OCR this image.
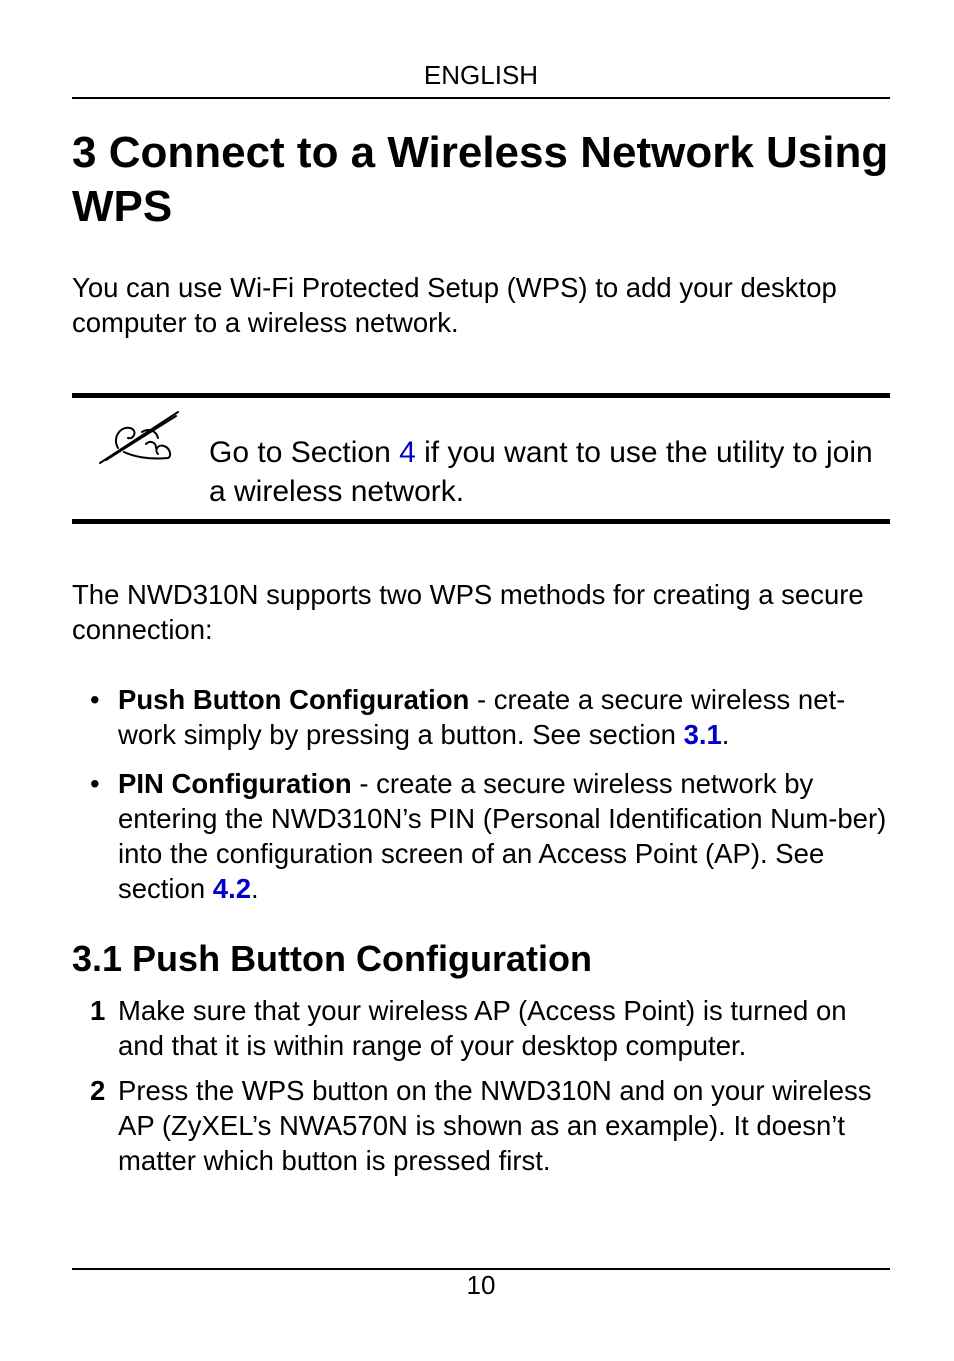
ENGLISH
3 Connect to a Wireless Network Using WPS
You can use Wi-Fi Protected Setup (WPS) to add your desktop computer to a wireless network.
Go to Section 4 if you want to use the utility to join a wireless network.
The NWD310N supports two WPS methods for creating a secure connection:
• Push Button Configuration - create a secure wireless net-work simply by pressing a button. See section 3.1.
• PIN Configuration - create a secure wireless network by entering the NWD310N’s PIN (Personal Identification Num-ber) into the configuration screen of an Access Point (AP). See section 4.2.
3.1 Push Button Configuration
1 Make sure that your wireless AP (Access Point) is turned on and that it is within range of your desktop computer.
2 Press the WPS button on the NWD310N and on your wireless AP (ZyXEL’s NWA570N is shown as an example). It doesn’t matter which button is pressed first.
10
